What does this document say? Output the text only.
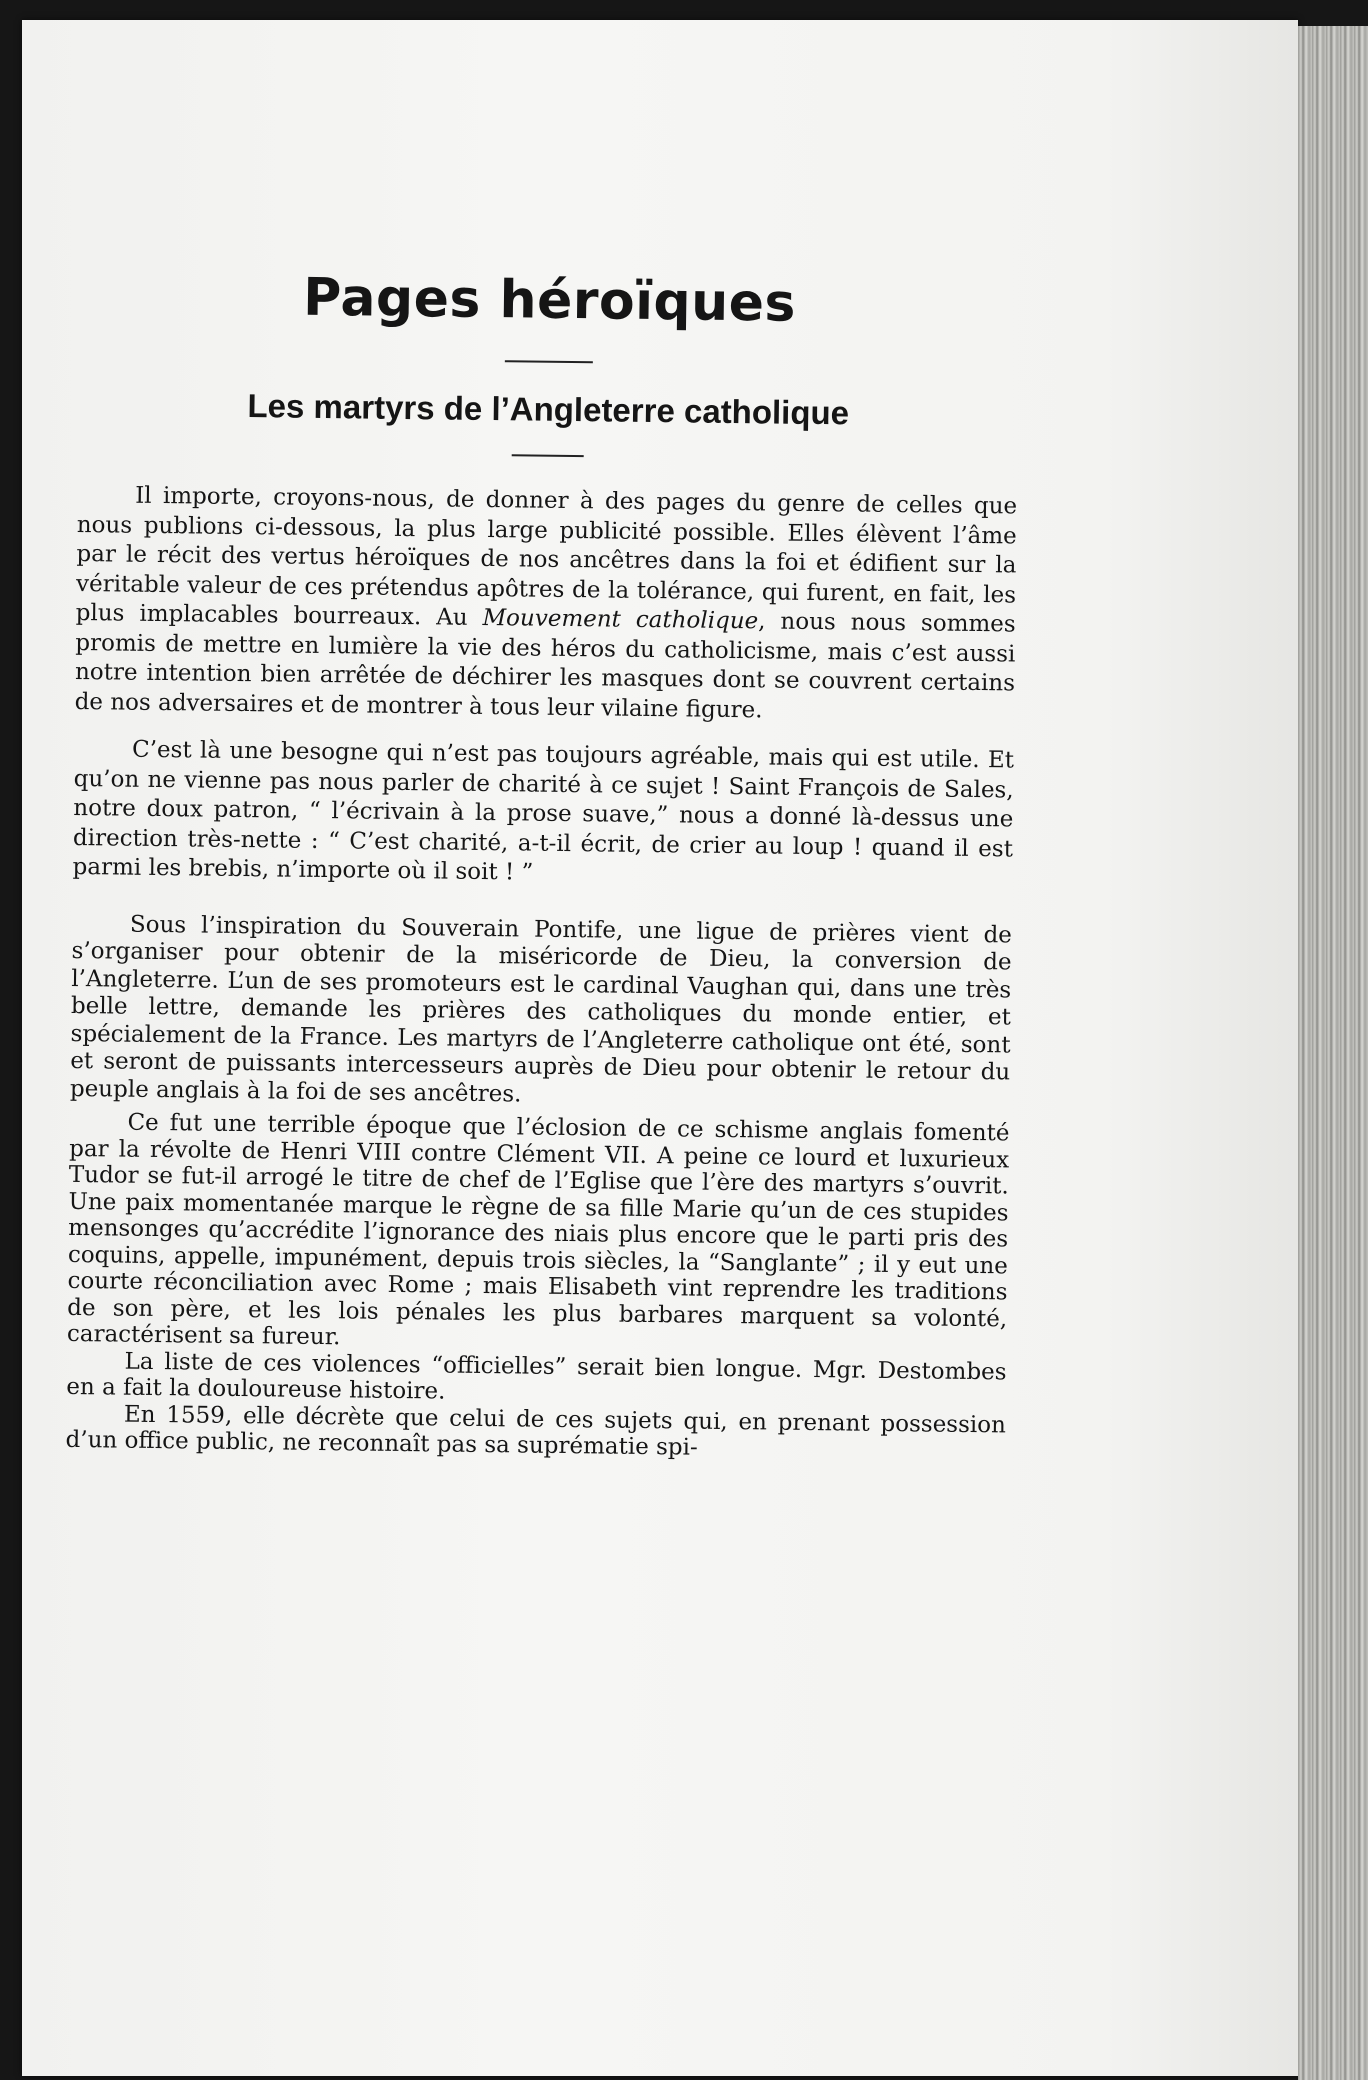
Pages héroïques
Les martyrs de l’Angleterre catholique

Il importe, croyons-nous, de donner à des pages du genre de celles que nous publions ci-dessous, la plus large publicité possible. Elles élèvent l’âme par le récit des vertus héroïques de nos ancêtres dans la foi et édifient sur la véritable valeur de ces prétendus apôtres de la tolérance, qui furent, en fait, les plus implacables bourreaux. Au Mouvement catholique, nous nous sommes promis de mettre en lumière la vie des héros du catholicisme, mais c’est aussi notre intention bien arrêtée de déchirer les masques dont se couvrent certains de nos adversaires et de montrer à tous leur vilaine figure.

C’est là une besogne qui n’est pas toujours agréable, mais qui est utile. Et qu’on ne vienne pas nous parler de charité à ce sujet ! Saint François de Sales, notre doux patron, “ l’écrivain à la prose suave,” nous a donné là-dessus une direction très-nette : “ C’est charité, a-t-il écrit, de crier au loup ! quand il est parmi les brebis, n’importe où il soit ! ”

Sous l’inspiration du Souverain Pontife, une ligue de prières vient de s’organiser pour obtenir de la miséricorde de Dieu, la conversion de l’Angleterre. L’un de ses promoteurs est le cardinal Vaughan qui, dans une très belle lettre, demande les prières des catholiques du monde entier, et spécialement de la France. Les martyrs de l’Angleterre catholique ont été, sont et seront de puissants intercesseurs auprès de Dieu pour obtenir le retour du peuple anglais à la foi de ses ancêtres.

Ce fut une terrible époque que l’éclosion de ce schisme anglais fomenté par la révolte de Henri VIII contre Clément VII. A peine ce lourd et luxurieux Tudor se fut-il arrogé le titre de chef de l’Eglise que l’ère des martyrs s’ouvrit. Une paix momentanée marque le règne de sa fille Marie qu’un de ces stupides mensonges qu’accrédite l’ignorance des niais plus encore que le parti pris des coquins, appelle, impunément, depuis trois siècles, la “Sanglante” ; il y eut une courte réconciliation avec Rome ; mais Elisabeth vint reprendre les traditions de son père, et les lois pénales les plus barbares marquent sa volonté, caractérisent sa fureur.

La liste de ces violences “officielles” serait bien longue. Mgr. Destombes en a fait la douloureuse histoire.

En 1559, elle décrète que celui de ces sujets qui, en prenant possession d’un office public, ne reconnaît pas sa suprématie spi-
